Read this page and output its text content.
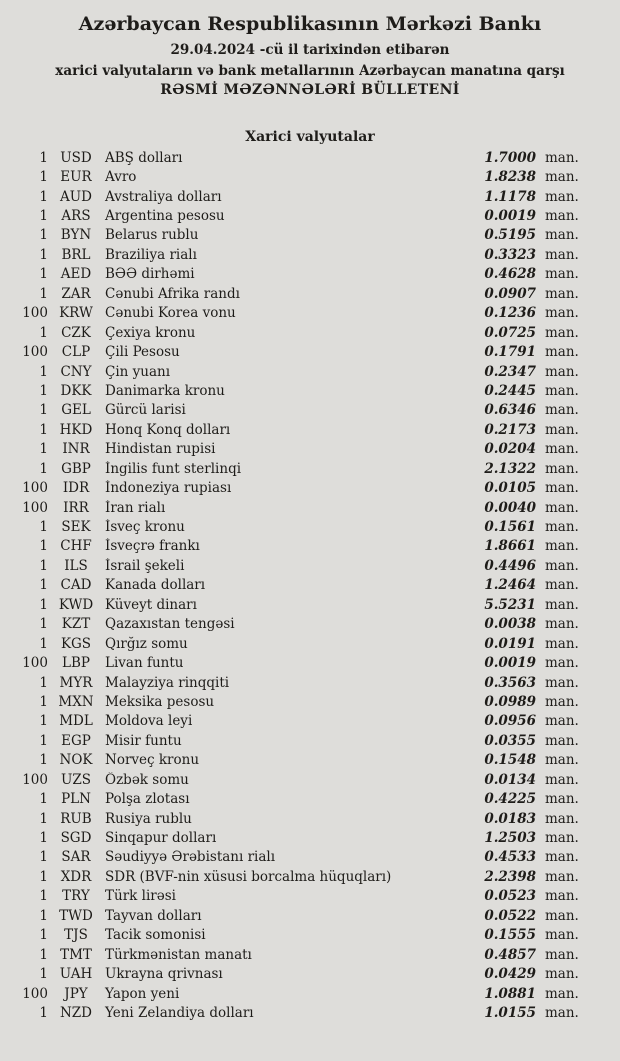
Azərbaycan Respublikasının Mərkəzi Bankı
29.04.2024 -cü il tarixindən etibarən
xarici valyutaların və bank metallarının Azərbaycan manatına qarşı
RƏSMİ MƏZƏNNƏLƏRİ BÜLLETENİ
Xarici valyutalar
1 USD ABŞ dolları	1.7000 man.
1 EUR Avro	1.8238 man.
1 AUD Avstraliya dolları	1.1178 man.
1 ARS	Argentina pesosu	0.0019 man.
1 BYN	Belarus rublu	0.5195 man.
1 BRL	Braziliya rialı	0.3323 man.
1 AED	BƏƏ dirhəmi	0.4628 man.
1 ZAR	Cənubi Afrika randı	0.0907 man.
100 KRW Cənubi Korea vonu	0.1236 man.
1 CZK	Çexiya kronu	0.0725 man.
100	CLP	Çili Pesosu	0.1791 man.
1 CNY Çin yuanı	0.2347 man.
1 DKK	Danimarka kronu	0.2445 man.
1 GEL	Gürcü larisi	0.6346 man.
1 HKD Honq Konq dolları	0.2173 man.
1	INR	Hindistan rupisi	0.0204 man.
1 GBP	İngilis funt sterlinqi	2.1322 man.
100	IDR	İndoneziya rupiası	0.0105 man.
100	IRR	İran rialı	0.0040 man.
1 SEK	İsveç kronu	0.1561 man.
1 CHF İsveçrə frankı	1.8661 man.
1	ILS	İsrail şekeli	0.4496 man.
1 CAD	Kanada dolları	1.2464 man.
1 KWD Küveyt dinarı	5.5231 man.
1	KZT	Qazaxıstan tengəsi	0.0038 man.
1 KGS	Qırğız somu	0.0191 man.
100	LBP	Livan funtu	0.0019 man.
1 MYR Malayziya rinqqiti	0.3563 man.
1 MXN Meksika pesosu	0.0989 man.
1 MDL Moldova leyi	0.0956 man.
1 EGP	Misir funtu	0.0355 man.
1 NOK Norveç kronu	0.1548 man.
100 UZS	Özbək somu	0.0134 man.
1 PLN	Polşa zlotası	0.4225 man.
1 RUB Rusiya rublu	0.0183 man.
1 SGD	Sinqapur dolları	1.2503 man.
1 SAR	Səudiyyə Ərəbistanı rialı	0.4533 man.
1 XDR	SDR (BVF-nin xüsusi borcalma hüquqları)	2.2398 man.
1	TRY	Türk lirəsi	0.0523 man.
1 TWD Tayvan dolları	0.0522 man.
1	TJS	Tacik somonisi	0.1555 man.
1 TMT Türkmənistan manatı	0.4857 man.
1 UAH Ukrayna qrivnası	0.0429 man.
100	JPY	Yapon yeni	1.0881 man.
1 NZD Yeni Zelandiya dolları	1.0155 man.
